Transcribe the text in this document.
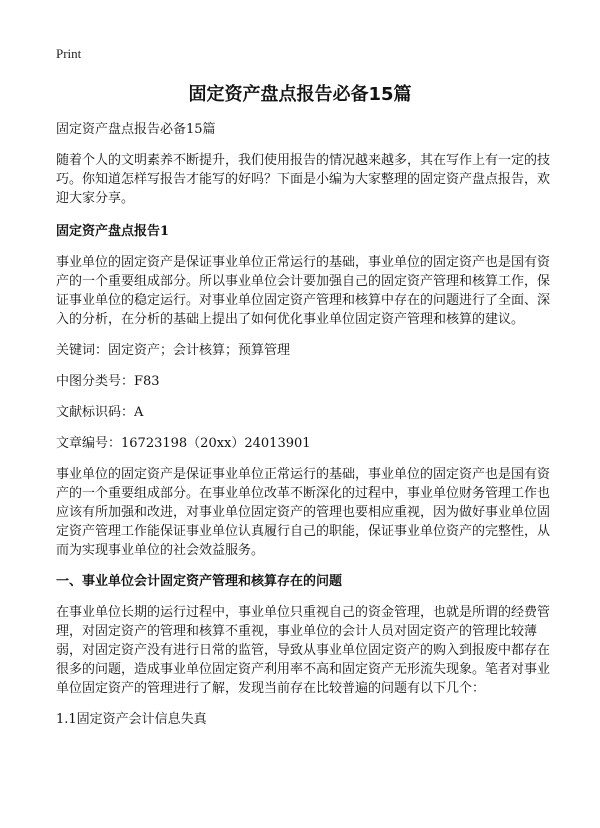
Print
固定资产盘点报告必备15篇

固定资产盘点报告必备15篇

随着个人的文明素养不断提升，我们使用报告的情况越来越多，其在写作上有一定的技巧。你知道怎样写报告才能写的好吗？下面是小编为大家整理的固定资产盘点报告，欢迎大家分享。

固定资产盘点报告1

事业单位的固定资产是保证事业单位正常运行的基础，事业单位的固定资产也是国有资产的一个重要组成部分。所以事业单位会计要加强自己的固定资产管理和核算工作，保证事业单位的稳定运行。对事业单位固定资产管理和核算中存在的问题进行了全面、深入的分析，在分析的基础上提出了如何优化事业单位固定资产管理和核算的建议。

关键词：固定资产；会计核算；预算管理

中图分类号：F83

文献标识码：A

文章编号：16723198（20xx）24013901

事业单位的固定资产是保证事业单位正常运行的基础，事业单位的固定资产也是国有资产的一个重要组成部分。在事业单位改革不断深化的过程中，事业单位财务管理工作也应该有所加强和改进，对事业单位固定资产的管理也要相应重视，因为做好事业单位固定资产管理工作能保证事业单位认真履行自己的职能，保证事业单位资产的完整性，从而为实现事业单位的社会效益服务。

一、事业单位会计固定资产管理和核算存在的问题

在事业单位长期的运行过程中，事业单位只重视自己的资金管理，也就是所谓的经费管理，对固定资产的管理和核算不重视，事业单位的会计人员对固定资产的管理比较薄弱，对固定资产没有进行日常的监管，导致从事业单位固定资产的购入到报废中都存在很多的问题，造成事业单位固定资产利用率不高和固定资产无形流失现象。笔者对事业单位固定资产的管理进行了解，发现当前存在比较普遍的问题有以下几个：

1.1固定资产会计信息失真
